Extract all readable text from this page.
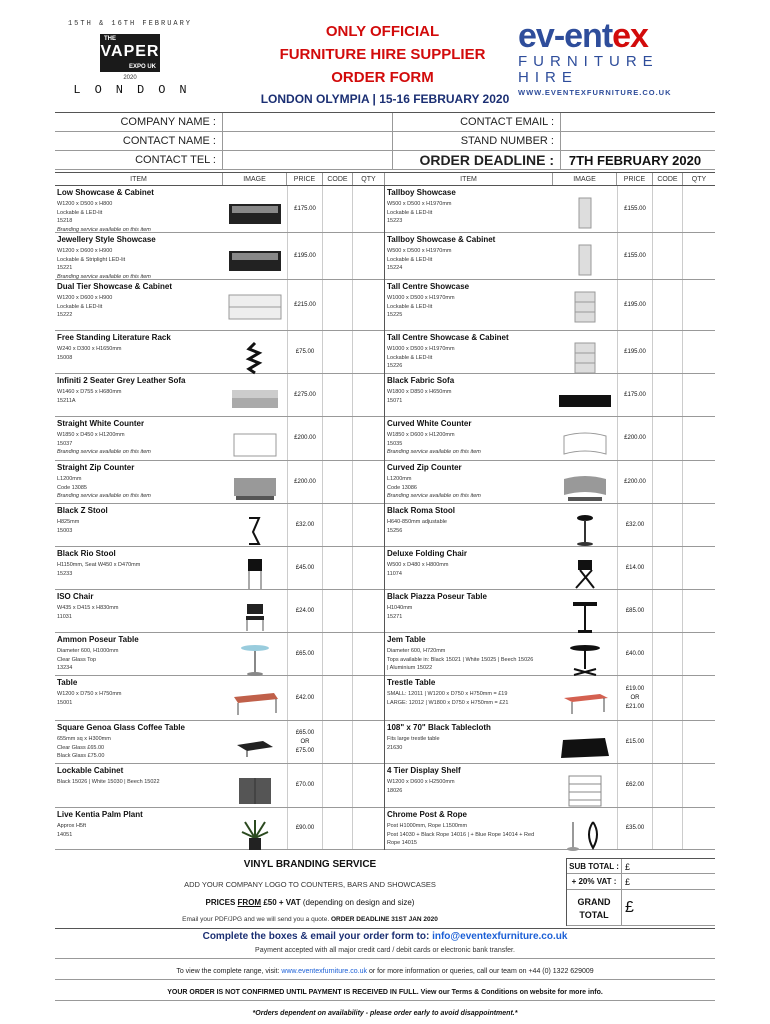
15TH & 16TH FEBRUARY
THE
VAPER
EXPO UK
2020
LONDON
ONLY OFFICIAL
FURNITURE HIRE SUPPLIER
ORDER FORM
ev-entex
FURNITURE HIRE
WWW.EVENTEXFURNITURE.CO.UK
LONDON OLYMPIA | 15-16 FEBRUARY 2020
COMPANY NAME :	CONTACT EMAIL :
CONTACT NAME :	STAND NUMBER :
CONTACT TEL :	ORDER DEADLINE :	7TH FEBRUARY 2020
ITEM	IMAGE	PRICE	CODE	QTY	ITEM	IMAGE	PRICE	CODE	QTY
Low Showcase & Cabinet
W1200 x D500 x H800
Lockable & LED-lit
15218
Branding service available on this item
£175.00
Jewellery Style Showcase
W1200 x D600 x H900
Lockable & Striplight LED-lit
15221
Branding service available on this item
£195.00
Dual Tier Showcase & Cabinet
W1200 x D600 x H900
Lockable & LED-lit
15222
£215.00
Free Standing Literature Rack
W240 x D300 x H1650mm
15008
£75.00
Infiniti 2 Seater Grey Leather Sofa
W1460 x D755 x H680mm
15211A
£275.00
Straight White Counter
W1850 x D450 x H1200mm
15037
Branding service available on this item
£200.00
Straight Zip Counter
L1200mm
Code 13085
Branding service available on this item
£200.00
Black Z Stool
H825mm
15003
£32.00
Black Rio Stool
H1150mm, Seat W450 x D470mm
15233
£45.00
ISO Chair
W435 x D415 x H830mm
11031
£24.00
Ammon Poseur Table
Diameter 600, H1000mm
Clear Glass Top
13234
£65.00
Table
W1200 x D750 x H750mm
15001
£42.00
Square Genoa Glass Coffee Table
655mm sq x H300mm
Clear Glass £65.00
Black Glass £75.00
£65.00
OR
£75.00
Lockable Cabinet
Black 15026 | White 15030 | Beech 15022	£70.00
Live Kentia Palm Plant
Approx H5ft
14051
£90.00
Tallboy Showcase
W500 x D500 x H1970mm
Lockable & LED-lit
15223
£155.00
Tallboy Showcase & Cabinet
W500 x D500 x H1970mm
Lockable & LED-lit
15224
£155.00
Tall Centre Showcase
W1000 x D500 x H1970mm
Lockable & LED-lit
15225
£195.00
Tall Centre Showcase & Cabinet
W1000 x D500 x H1970mm
Lockable & LED-lit
15226
£195.00
Black Fabric Sofa
W1800 x D850 x H650mm
15071
£175.00
Curved White Counter
W1850 x D600 x H1200mm
15035
Branding service available on this item
£200.00
Curved Zip Counter
L1200mm
Code 13086
Branding service available on this item
£200.00
Black Roma Stool
H640-850mm adjustable
15256
£32.00
Deluxe Folding Chair
W500 x D480 x H800mm
11074
£14.00
Black Piazza Poseur Table
H1040mm
15271
£85.00
Jem Table
Diameter 600, H720mm
Tops available in: Black 15021 | White 15025 | Beech 15026
| Aluminium 15022
£40.00
Trestle Table
SMALL: 12011 | W1200 x D750 x H750mm = £19
LARGE: 12012 | W1800 x D750 x H750mm = £21
£19.00
OR
£21.00
108" x 70" Black Tablecloth
Fits large trestle table
21630
£15.00
4 Tier Display Shelf
W1200 x D600 x H2500mm
18026
£62.00
Chrome Post & Rope
Post H1000mm, Rope L1500mm
Post 14030 + Black Rope 14016 | + Blue Rope 14014 + Red
Rope 14015
£35.00
VINYL BRANDING SERVICE
ADD YOUR COMPANY LOGO TO COUNTERS, BARS AND SHOWCASES
PRICES FROM £50 + VAT (depending on design and size)
Email your PDF/JPG and we will send you a quote. ORDER DEADLINE 31ST JAN 2020
SUB TOTAL : £
+ 20% VAT : £
GRAND
TOTAL	£
Complete the boxes & email your order form to: info@eventexfurniture.co.uk
Payment accepted with all major credit card / debit cards or electronic bank transfer.
To view the complete range, visit: www.eventexfurniture.co.uk or for more information or queries, call our team on +44 (0) 1322 629009
YOUR ORDER IS NOT CONFIRMED UNTIL PAYMENT IS RECEIVED IN FULL. View our Terms & Conditions on website for more info.
*Orders dependent on availability - please order early to avoid disappointment.*
